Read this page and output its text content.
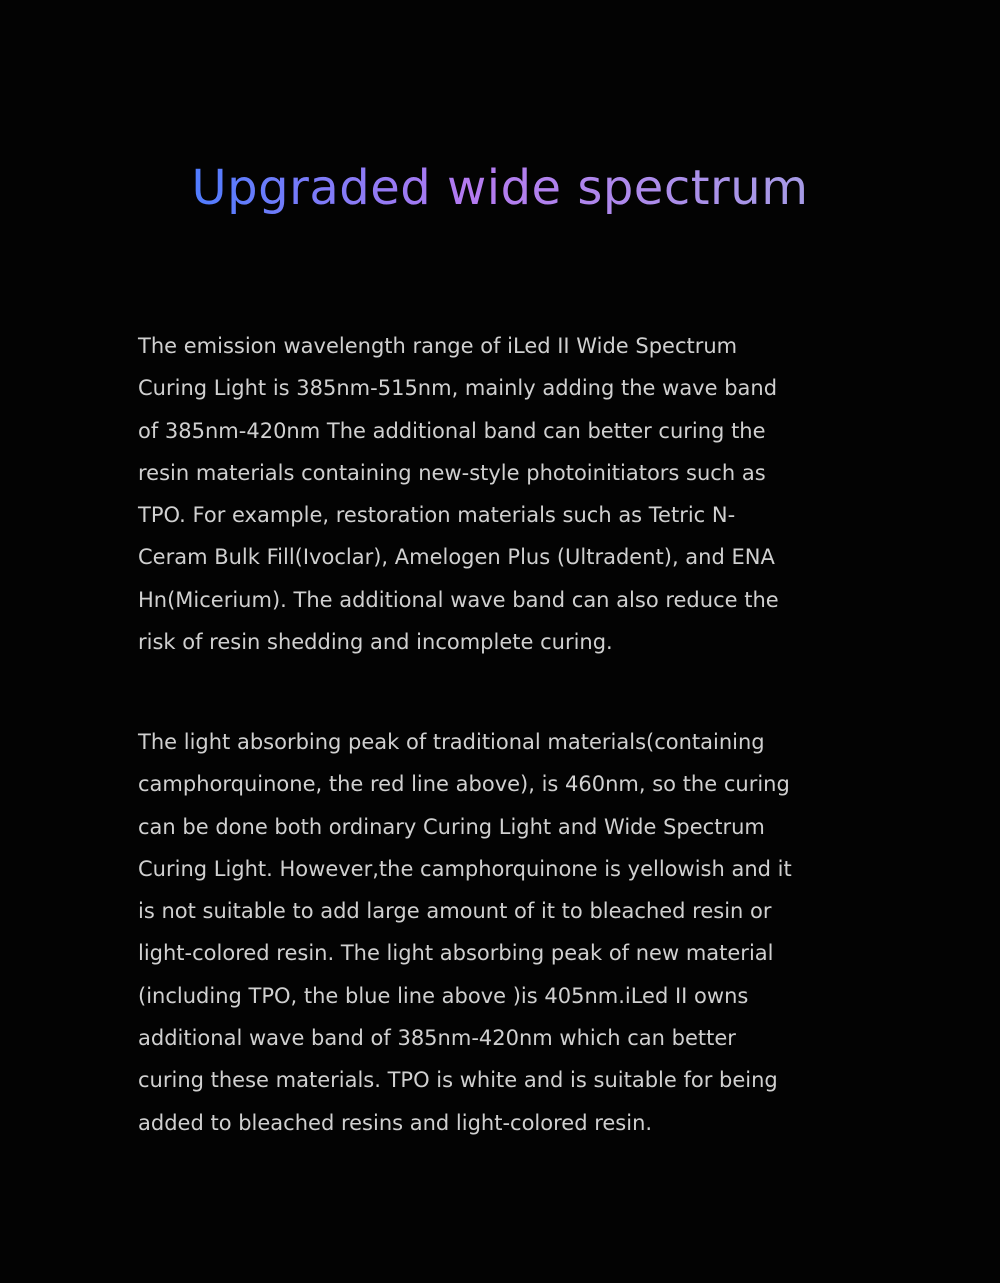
Upgraded wide spectrum

The emission wavelength range of iLed II Wide Spectrum
Curing Light is 385nm-515nm, mainly adding the wave band
of 385nm-420nm The additional band can better curing the
resin materials containing new-style photoinitiators such as
TPO. For example, restoration materials such as Tetric N-
Ceram Bulk Fill(Ivoclar), Amelogen Plus (Ultradent), and ENA
Hn(Micerium). The additional wave band can also reduce the
risk of resin shedding and incomplete curing.

The light absorbing peak of traditional materials(containing
camphorquinone, the red line above), is 460nm, so the curing
can be done both ordinary Curing Light and Wide Spectrum
Curing Light. However,the camphorquinone is yellowish and it
is not suitable to add large amount of it to bleached resin or
light-colored resin. The light absorbing peak of new material
(including TPO, the blue line above )is 405nm.iLed II owns
additional wave band of 385nm-420nm which can better
curing these materials. TPO is white and is suitable for being
added to bleached resins and light-colored resin.
